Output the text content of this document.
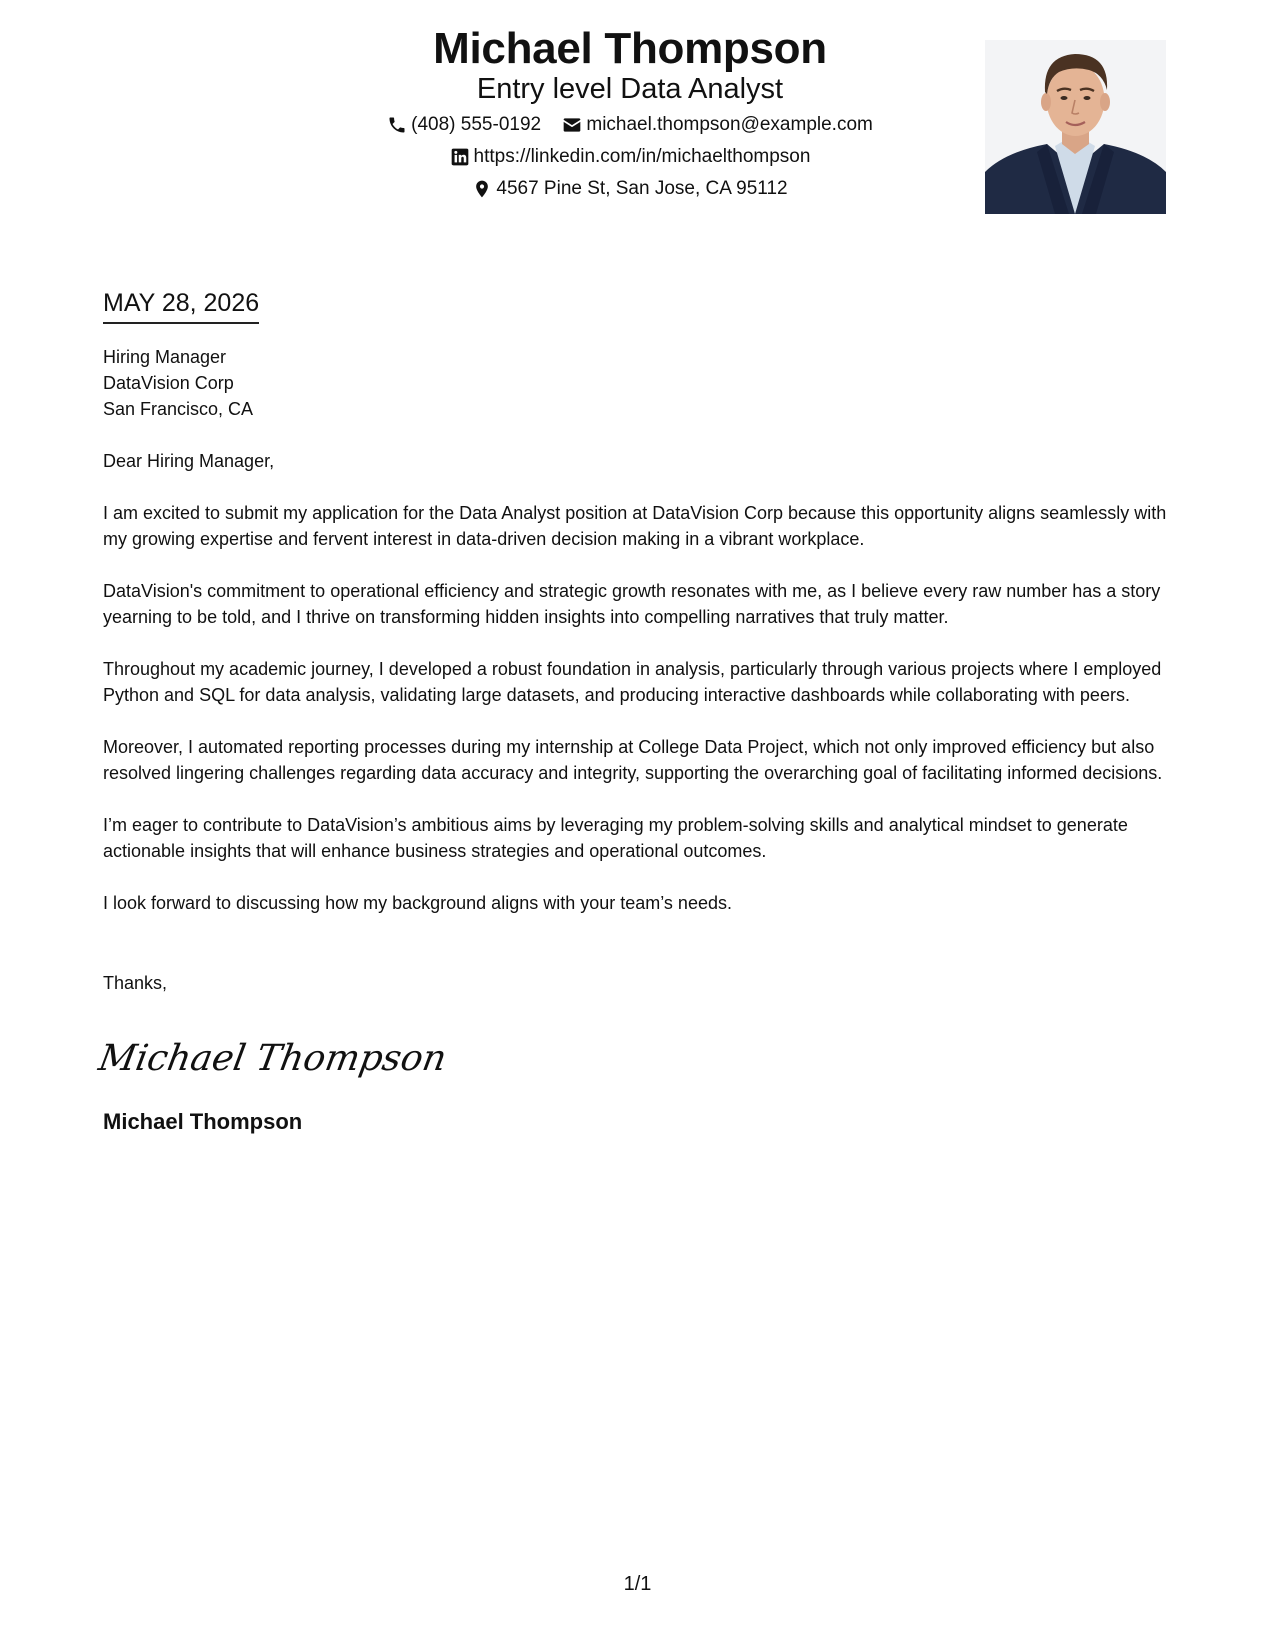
Michael Thompson
Entry level Data Analyst
(408) 555-0192
michael.thompson@example.com
https://linkedin.com/in/michaelthompson
4567 Pine St, San Jose, CA 95112
MAY 28, 2026
Hiring Manager
DataVision Corp
San Francisco, CA
Dear Hiring Manager,

I am excited to submit my application for the Data Analyst position at DataVision Corp because this opportunity aligns seamlessly with my growing expertise and fervent interest in data-driven decision making in a vibrant workplace.

DataVision's commitment to operational efficiency and strategic growth resonates with me, as I believe every raw number has a story yearning to be told, and I thrive on transforming hidden insights into compelling narratives that truly matter.

Throughout my academic journey, I developed a robust foundation in analysis, particularly through various projects where I employed Python and SQL for data analysis, validating large datasets, and producing interactive dashboards while collaborating with peers.

Moreover, I automated reporting processes during my internship at College Data Project, which not only improved efficiency but also resolved lingering challenges regarding data accuracy and integrity, supporting the overarching goal of facilitating informed decisions.

I’m eager to contribute to DataVision’s ambitious aims by leveraging my problem-solving skills and analytical mindset to generate actionable insights that will enhance business strategies and operational outcomes.

I look forward to discussing how my background aligns with your team’s needs.

Thanks,
Michael Thompson
Michael Thompson
1/1
